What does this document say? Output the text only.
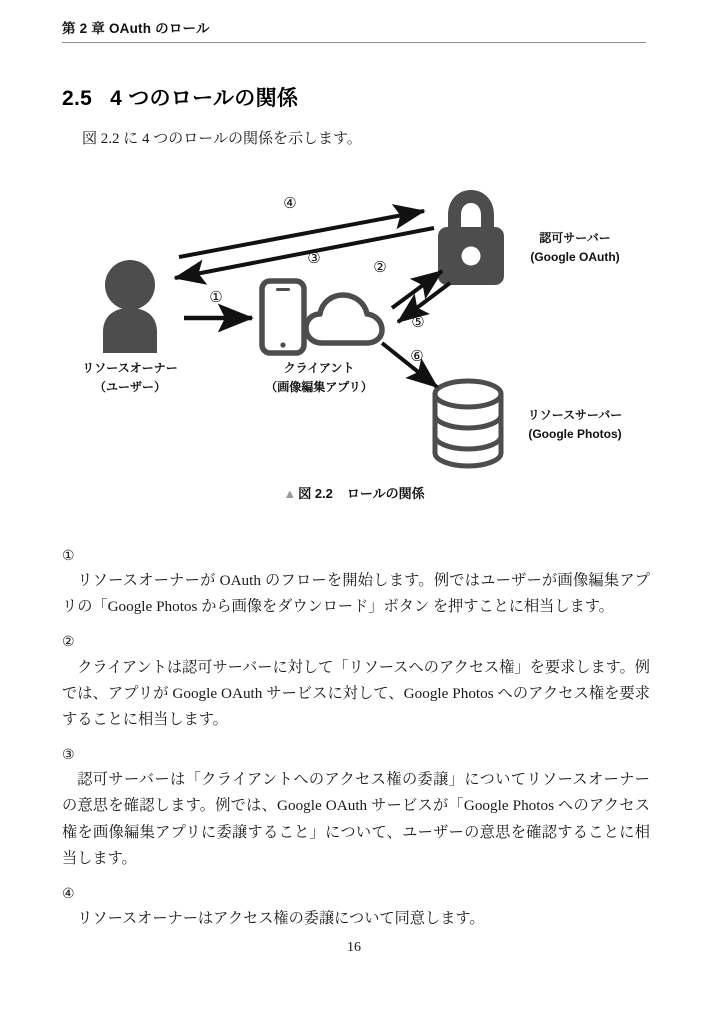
第 2 章 OAuth のロール
2.5 4 つのロールの関係
図 2.2 に 4 つのロールの関係を示します。
リソースオーナー
（ユーザー）
クライアント
（画像編集アプリ）
認可サーバー
(Google OAuth)
リソースサーバー
(Google Photos)
④
③
①
②
⑤
⑥
▲ 図 2.2 ロールの関係
①
リソースオーナーが OAuth のフローを開始します。例ではユーザーが画像編集アプリの「Google Photos から画像をダウンロード」ボタン を押すことに相当します。
②
クライアントは認可サーバーに対して「リソースへのアクセス権」を要求します。例では、アプリが Google OAuth サービスに対して、Google Photos へのアクセス権を要求することに相当します。
③
認可サーバーは「クライアントへのアクセス権の委譲」についてリソースオーナーの意思を確認します。例では、Google OAuth サービスが「Google Photos へのアクセス権を画像編集アプリに委譲すること」について、ユーザーの意思を確認することに相当します。
④
リソースオーナーはアクセス権の委譲について同意します。
16
